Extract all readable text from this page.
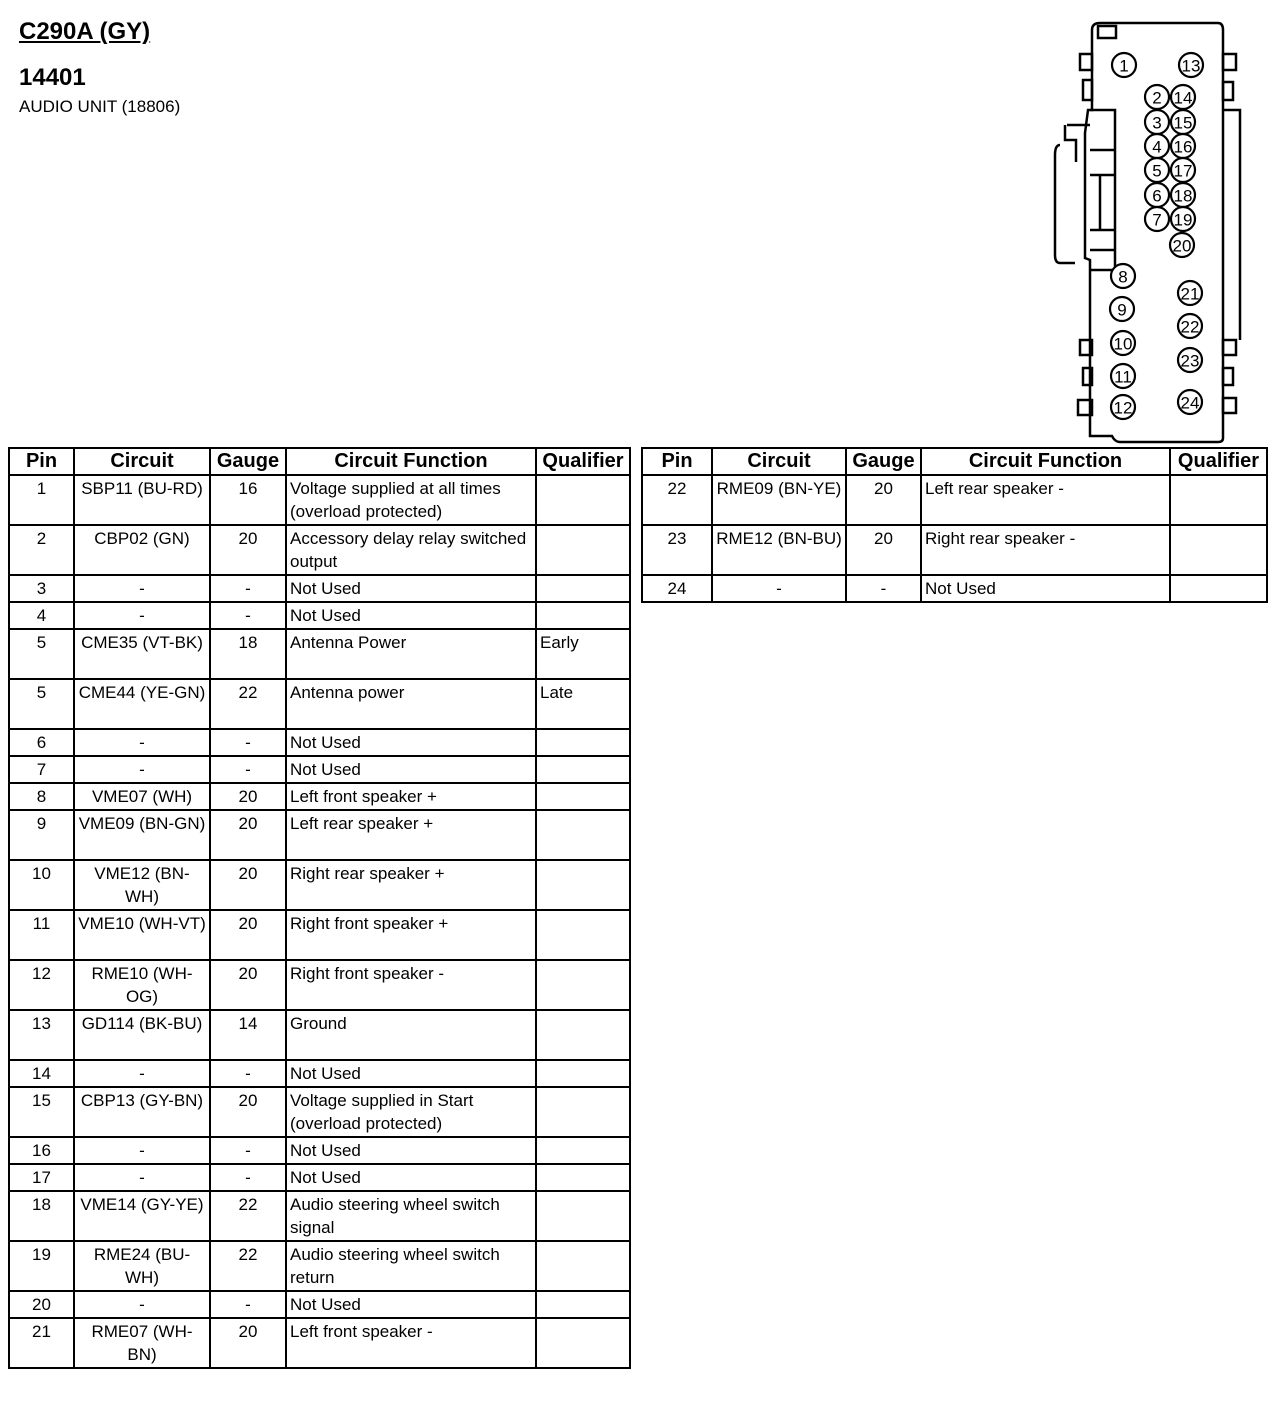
C290A (GY)
14401
AUDIO UNIT (18806)
1
2
3
4
5
6
7
8
9
10
11
12
13
14
15
16
17
18
19
20
21
22
23
24
Pin	Circuit	Gauge	Circuit Function	Qualifier
1	SBP11 (BU-RD)	16	Voltage supplied at all times (overload protected)	
2	CBP02 (GN)	20	Accessory delay relay switched output	
3	-	-	Not Used	
4	-	-	Not Used	
5	CME35 (VT-BK)	18	Antenna Power	Early
5	CME44 (YE-GN)	22	Antenna power	Late
6	-	-	Not Used	
7	-	-	Not Used	
8	VME07 (WH)	20	Left front speaker +	
9	VME09 (BN-GN)	20	Left rear speaker +	
10	VME12 (BN-WH)	20	Right rear speaker +	
11	VME10 (WH-VT)	20	Right front speaker +	
12	RME10 (WH-OG)	20	Right front speaker -	
13	GD114 (BK-BU)	14	Ground	
14	-	-	Not Used	
15	CBP13 (GY-BN)	20	Voltage supplied in Start (overload protected)	
16	-	-	Not Used	
17	-	-	Not Used	
18	VME14 (GY-YE)	22	Audio steering wheel switch signal	
19	RME24 (BU-WH)	22	Audio steering wheel switch return	
20	-	-	Not Used	
21	RME07 (WH-BN)	20	Left front speaker -	
Pin	Circuit	Gauge	Circuit Function	Qualifier
22	RME09 (BN-YE)	20	Left rear speaker -	
23	RME12 (BN-BU)	20	Right rear speaker -	
24	-	-	Not Used	
